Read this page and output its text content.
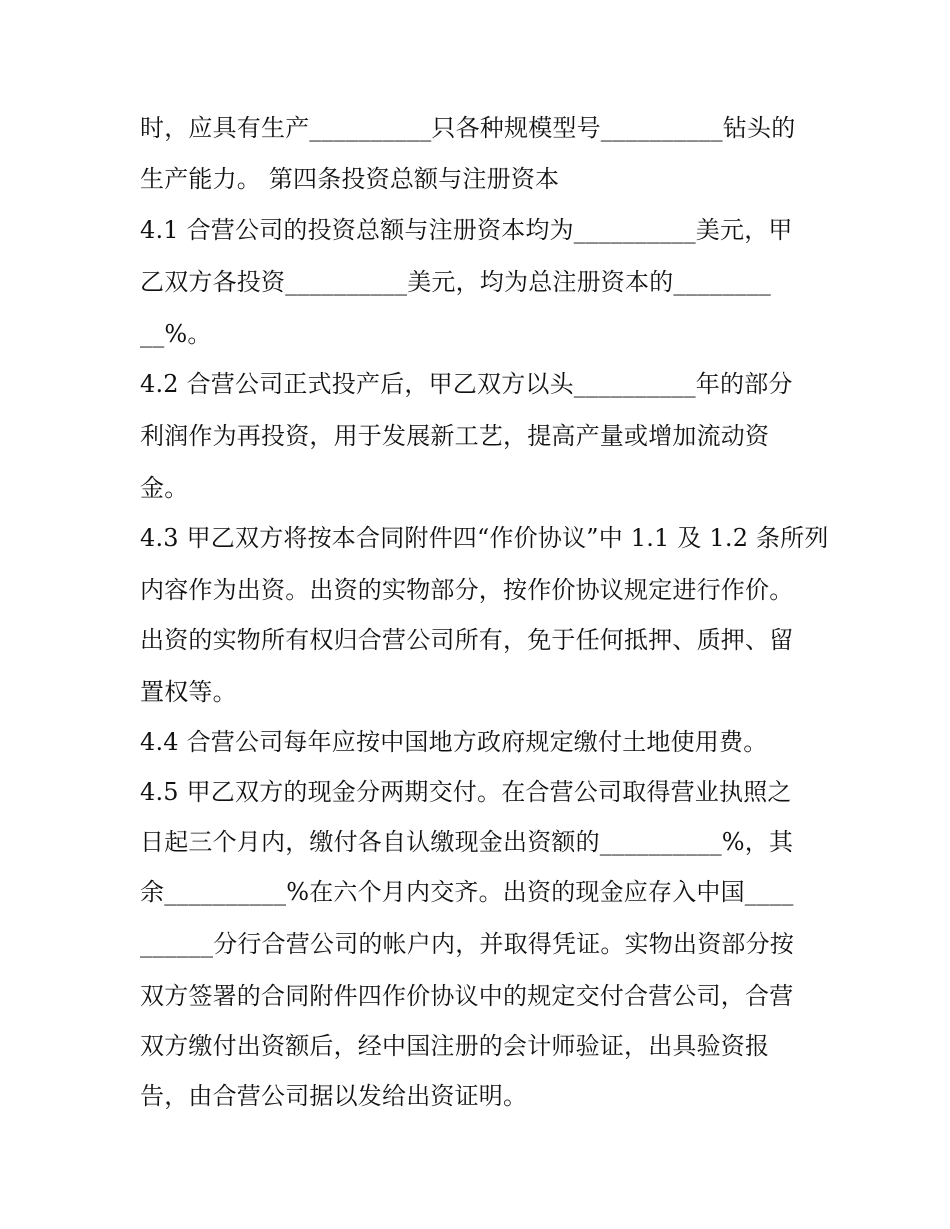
时，应具有生产__________只各种规模型号__________钻头的
生产能力。 第四条投资总额与注册资本
4.1 合营公司的投资总额与注册资本均为__________美元，甲
乙双方各投资__________美元，均为总注册资本的________
__%。
4.2 合营公司正式投产后，甲乙双方以头__________年的部分
利润作为再投资，用于发展新工艺，提高产量或增加流动资
金。
4.3 甲乙双方将按本合同附件四“作价协议”中 1.1 及 1.2 条所列
内容作为出资。出资的实物部分，按作价协议规定进行作价。
出资的实物所有权归合营公司所有，免于任何抵押、质押、留
置权等。
4.4 合营公司每年应按中国地方政府规定缴付土地使用费。
4.5 甲乙双方的现金分两期交付。在合营公司取得营业执照之
日起三个月内，缴付各自认缴现金出资额的__________%，其
余__________%在六个月内交齐。出资的现金应存入中国____
______分行合营公司的帐户内，并取得凭证。实物出资部分按
双方签署的合同附件四作价协议中的规定交付合营公司，合营
双方缴付出资额后，经中国注册的会计师验证，出具验资报
告，由合营公司据以发给出资证明。
